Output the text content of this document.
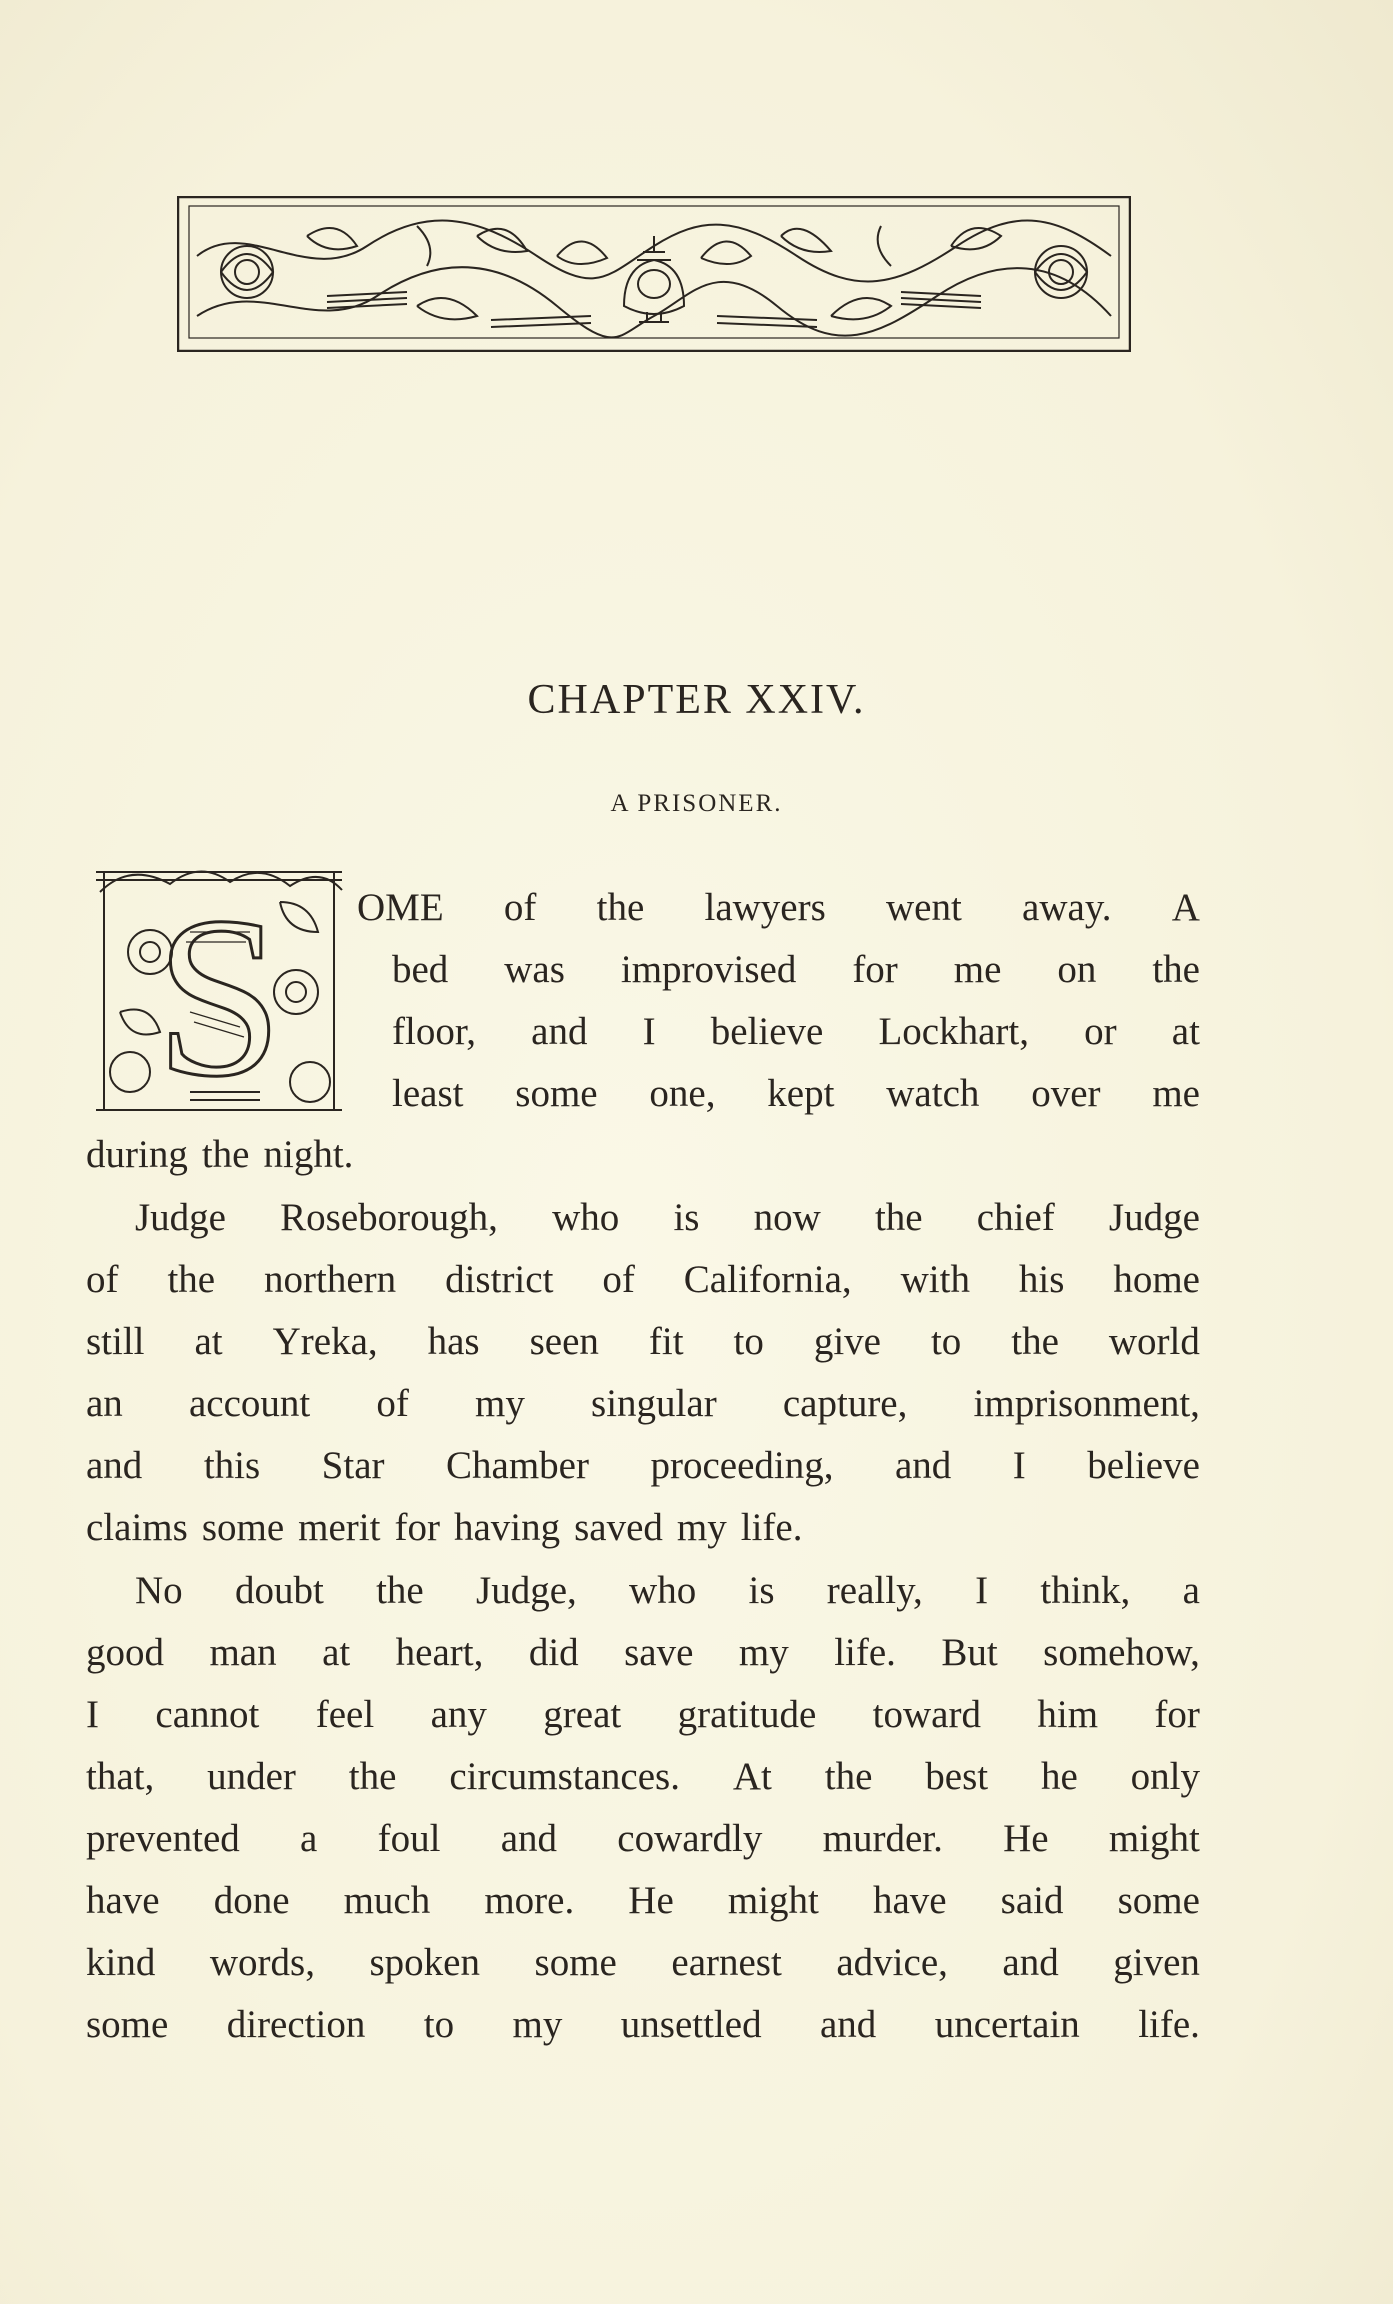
CHAPTER XXIV.
A PRISONER.
S OME of the lawyers went away. A
bed was improvised for me on the
floor, and I believe Lockhart, or at
least some one, kept watch over me
during the night.
Judge Roseborough, who is now the chief Judge
of the northern district of California, with his home
still at Yreka, has seen fit to give to the world
an account of my singular capture, imprisonment,
and this Star Chamber proceeding, and I believe
claims some merit for having saved my life.
No doubt the Judge, who is really, I think, a
good man at heart, did save my life. But somehow,
I cannot feel any great gratitude toward him for
that, under the circumstances. At the best he only
prevented a foul and cowardly murder. He might
have done much more. He might have said some
kind words, spoken some earnest advice, and given
some direction to my unsettled and uncertain life.
